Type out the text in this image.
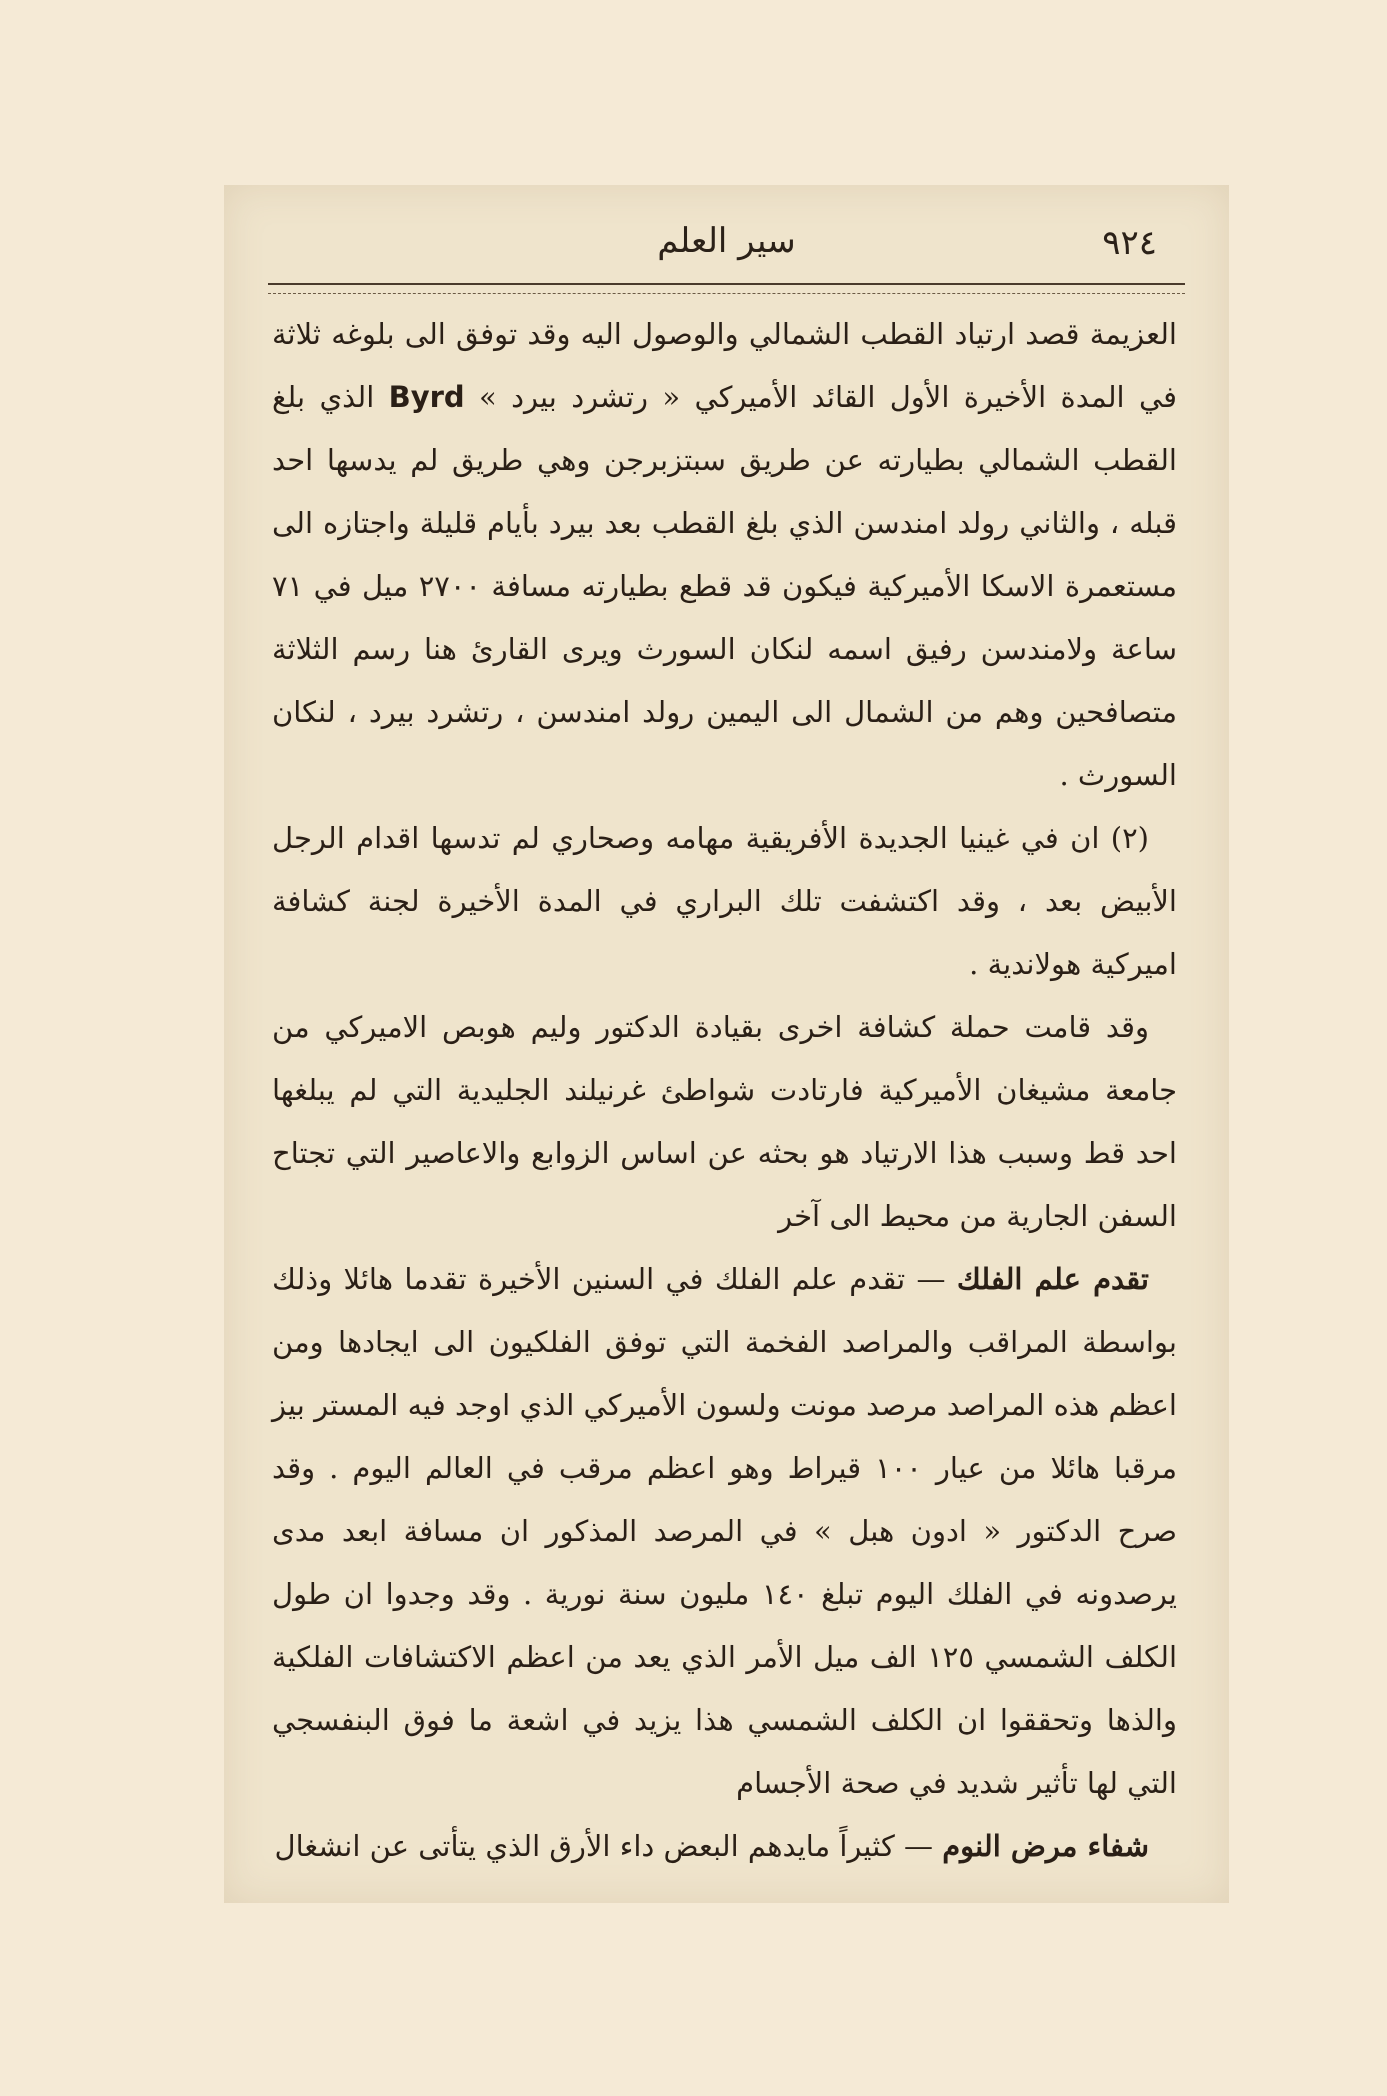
٩٢٤
سير العلم

العزيمة قصد ارتياد القطب الشمالي والوصول اليه وقد توفق الى بلوغه ثلاثة في المدة الأخيرة الأول القائد الأميركي « رتشرد بيرد » Byrd الذي بلغ القطب الشمالي بطيارته عن طريق سبتزبرجن وهي طريق لم يدسها احد قبله ، والثاني رولد امندسن الذي بلغ القطب بعد بيرد بأيام قليلة واجتازه الى مستعمرة الاسكا الأميركية فيكون قد قطع بطيارته مسافة ٢٧٠٠ ميل في ٧١ ساعة ولامندسن رفيق اسمه لنكان السورث ويرى القارئ هنا رسم الثلاثة متصافحين وهم من الشمال الى اليمين رولد امندسن ، رتشرد بيرد ، لنكان السورث .

(٢) ان في غينيا الجديدة الأفريقية مهامه وصحاري لم تدسها اقدام الرجل الأبيض بعد ، وقد اكتشفت تلك البراري في المدة الأخيرة لجنة كشافة اميركية هولاندية .

وقد قامت حملة كشافة اخرى بقيادة الدكتور وليم هوبص الاميركي من جامعة مشيغان الأميركية فارتادت شواطئ غرنيلند الجليدية التي لم يبلغها احد قط وسبب هذا الارتياد هو بحثه عن اساس الزوابع والاعاصير التي تجتاح السفن الجارية من محيط الى آخر

تقدم علم الفلك — تقدم علم الفلك في السنين الأخيرة تقدما هائلا وذلك بواسطة المراقب والمراصد الفخمة التي توفق الفلكيون الى ايجادها ومن اعظم هذه المراصد مرصد مونت ولسون الأميركي الذي اوجد فيه المستر بيز مرقبا هائلا من عيار ١٠٠ قيراط وهو اعظم مرقب في العالم اليوم . وقد صرح الدكتور « ادون هبل » في المرصد المذكور ان مسافة ابعد مدى يرصدونه في الفلك اليوم تبلغ ١٤٠ مليون سنة نورية . وقد وجدوا ان طول الكلف الشمسي ١٢٥ الف ميل الأمر الذي يعد من اعظم الاكتشافات الفلكية والذها وتحققوا ان الكلف الشمسي هذا يزيد في اشعة ما فوق البنفسجي التي لها تأثير شديد في صحة الأجسام

شفاء مرض النوم — كثيراً مايدهم البعض داء الأرق الذي يتأتى عن انشغال
